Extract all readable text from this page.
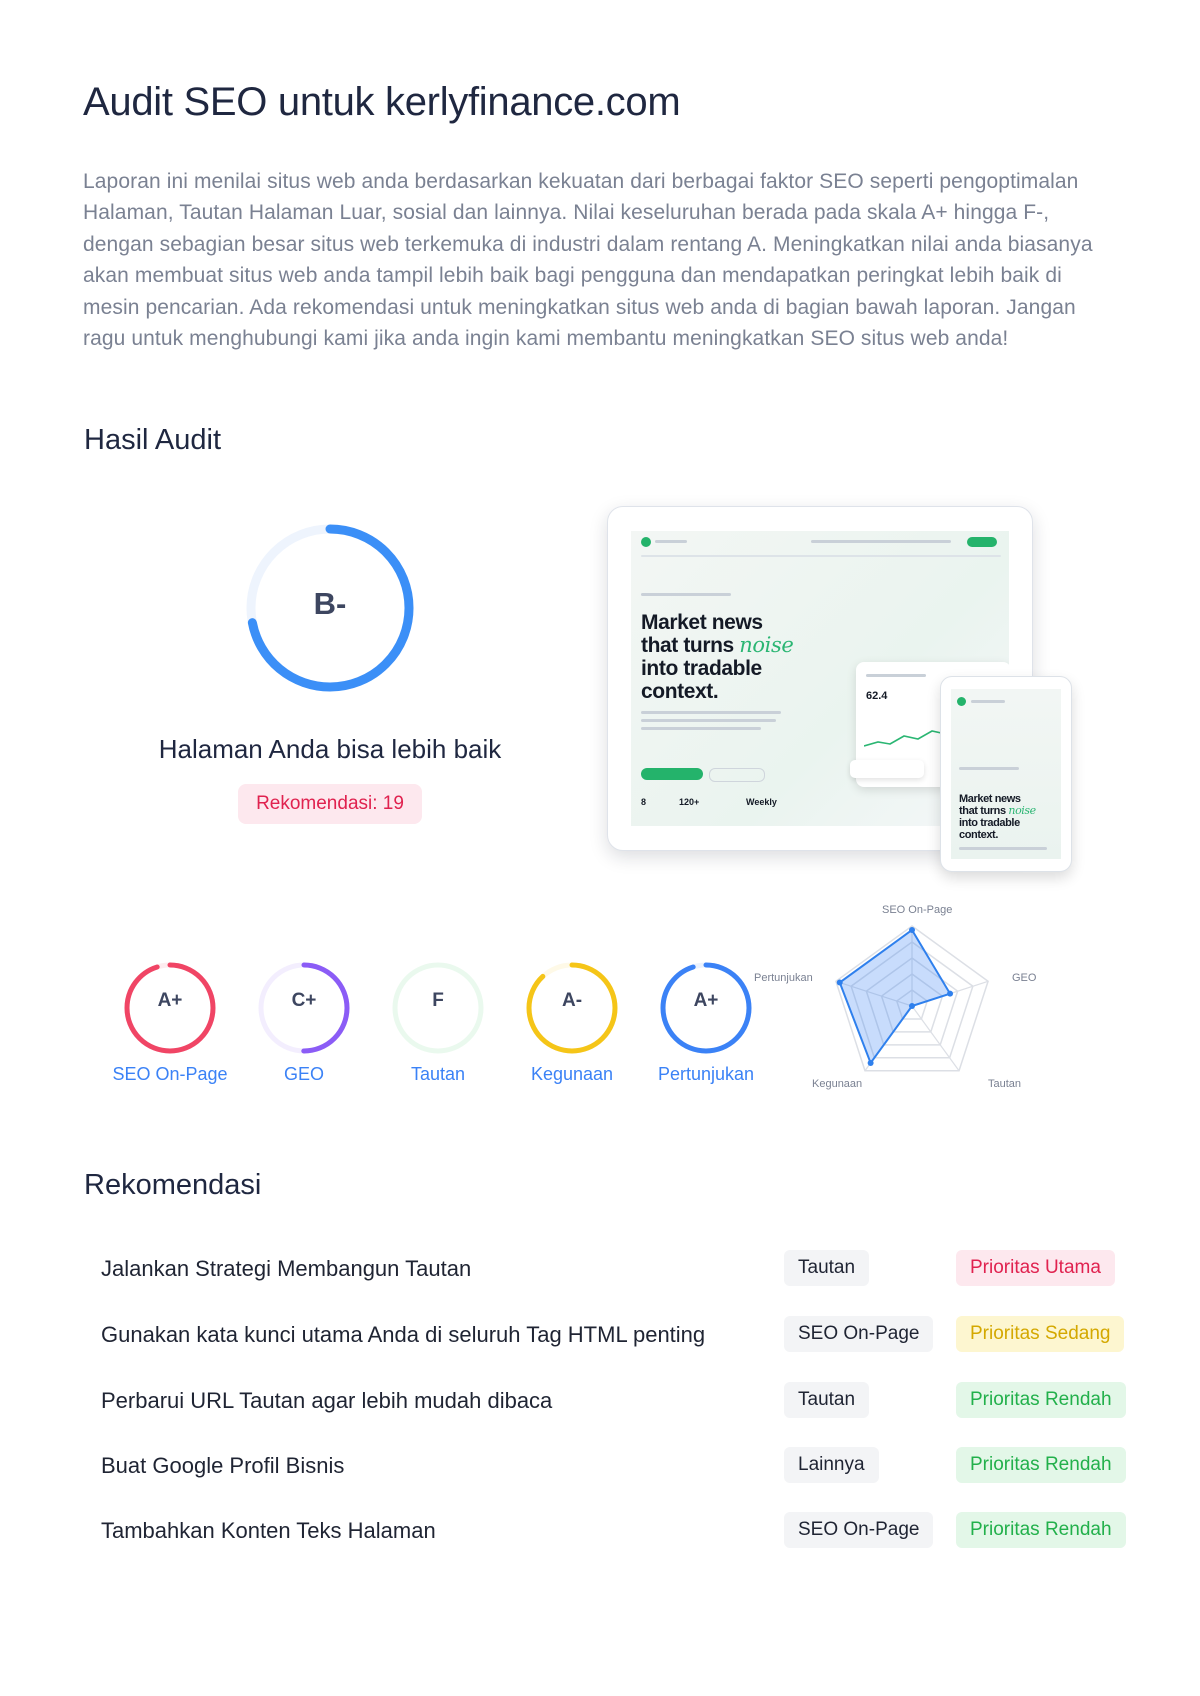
Audit SEO untuk kerlyfinance.com
Laporan ini menilai situs web anda berdasarkan kekuatan dari berbagai faktor SEO seperti pengoptimalan Halaman, Tautan Halaman Luar, sosial dan lainnya. Nilai keseluruhan berada pada skala A+ hingga F-, dengan sebagian besar situs web terkemuka di industri dalam rentang A. Meningkatkan nilai anda biasanya akan membuat situs web anda tampil lebih baik bagi pengguna dan mendapatkan peringkat lebih baik di mesin pencarian. Ada rekomendasi untuk meningkatkan situs web anda di bagian bawah laporan. Jangan ragu untuk menghubungi kami jika anda ingin kami membantu meningkatkan SEO situs web anda!
Hasil Audit
B-
Halaman Anda bisa lebih baik
Rekomendasi: 19
Market news
that turns noise
into tradable
context.
8	120+	Weekly
62.4
Market news
that turns noise
into tradable
context.
A+
SEO On-Page
C+
GEO
F
Tautan
A-
Kegunaan
A+
Pertunjukan
SEO On-Page
GEO
Tautan
Kegunaan
Pertunjukan
Rekomendasi
Jalankan Strategi Membangun Tautan	Tautan	Prioritas Utama
Gunakan kata kunci utama Anda di seluruh Tag HTML penting	SEO On-Page	Prioritas Sedang
Perbarui URL Tautan agar lebih mudah dibaca	Tautan	Prioritas Rendah
Buat Google Profil Bisnis	Lainnya	Prioritas Rendah
Tambahkan Konten Teks Halaman	SEO On-Page	Prioritas Rendah
